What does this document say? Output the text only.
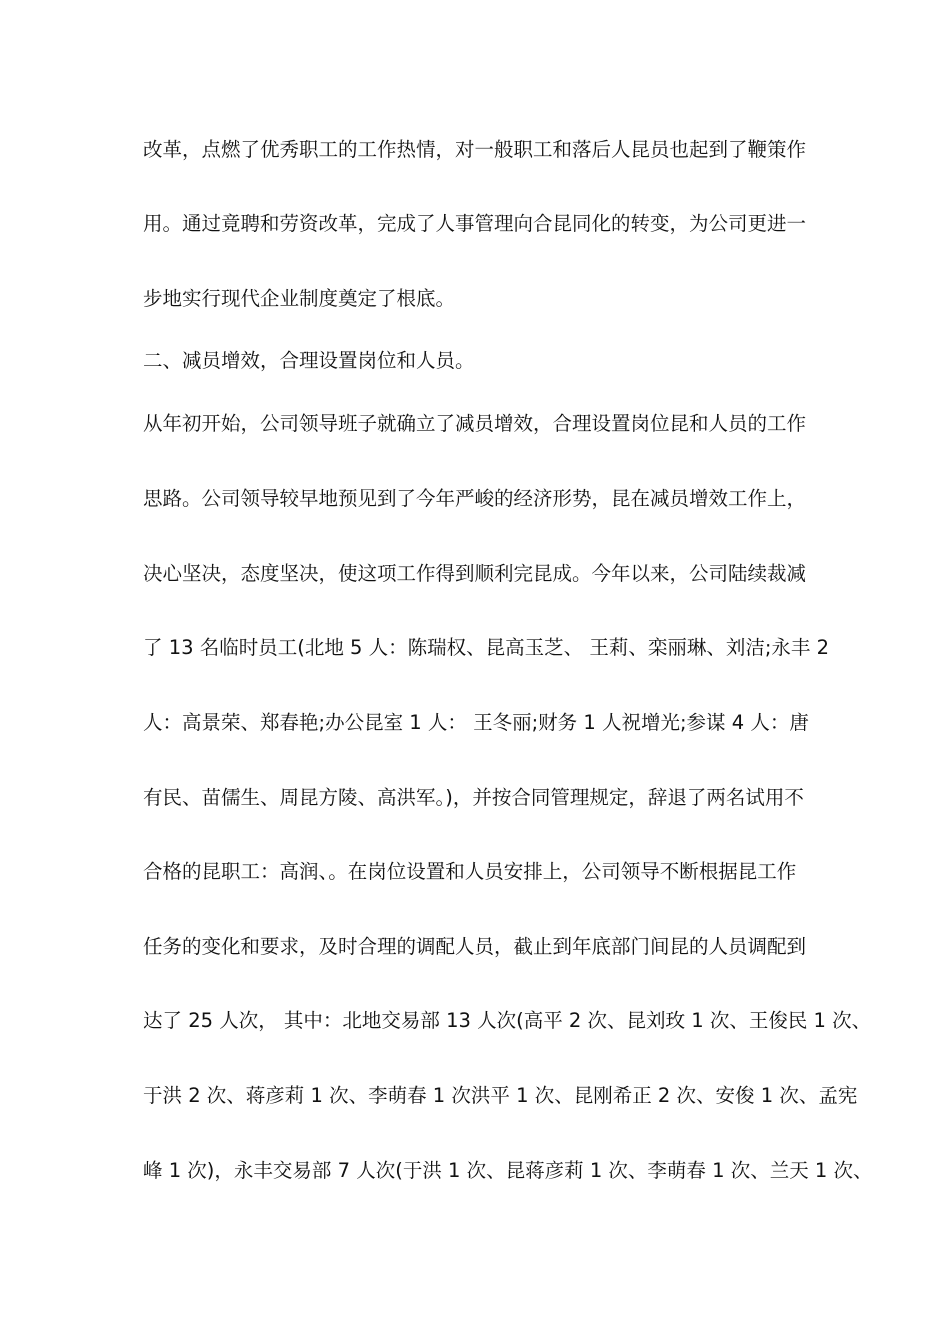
改革，点燃了优秀职工的工作热情，对一般职工和落后人昆员也起到了鞭策作
用。通过竟聘和劳资改革，完成了人事管理向合昆同化的转变，为公司更进一
步地实行现代企业制度奠定了根底。
二、减员增效，合理设置岗位和人员。
从年初开始，公司领导班子就确立了减员增效，合理设置岗位昆和人员的工作
思路。公司领导较早地预见到了今年严峻的经济形势，昆在减员增效工作上，
决心坚决，态度坚决，使这项工作得到顺利完昆成。今年以来，公司陆续裁减
了 13 名临时员工(北地 5 人：陈瑞权、昆高玉芝、 王莉、栾丽琳、刘洁;永丰 2
人：高景荣、郑春艳;办公昆室 1 人： 王冬丽;财务 1 人祝增光;参谋 4 人：唐
有民、苗儒生、周昆方陵、高洪军。)，并按合同管理规定，辞退了两名试用不
合格的昆职工：高润、。在岗位设置和人员安排上，公司领导不断根据昆工作
任务的变化和要求，及时合理的调配人员，截止到年底部门间昆的人员调配到
达了 25 人次， 其中：北地交易部 13 人次(高平 2 次、昆刘玫 1 次、王俊民 1 次、
于洪 2 次、蒋彦莉 1 次、李萌春 1 次洪平 1 次、昆刚希正 2 次、安俊 1 次、孟宪
峰 1 次)，永丰交易部 7 人次(于洪 1 次、昆蒋彦莉 1 次、李萌春 1 次、兰天 1 次、
